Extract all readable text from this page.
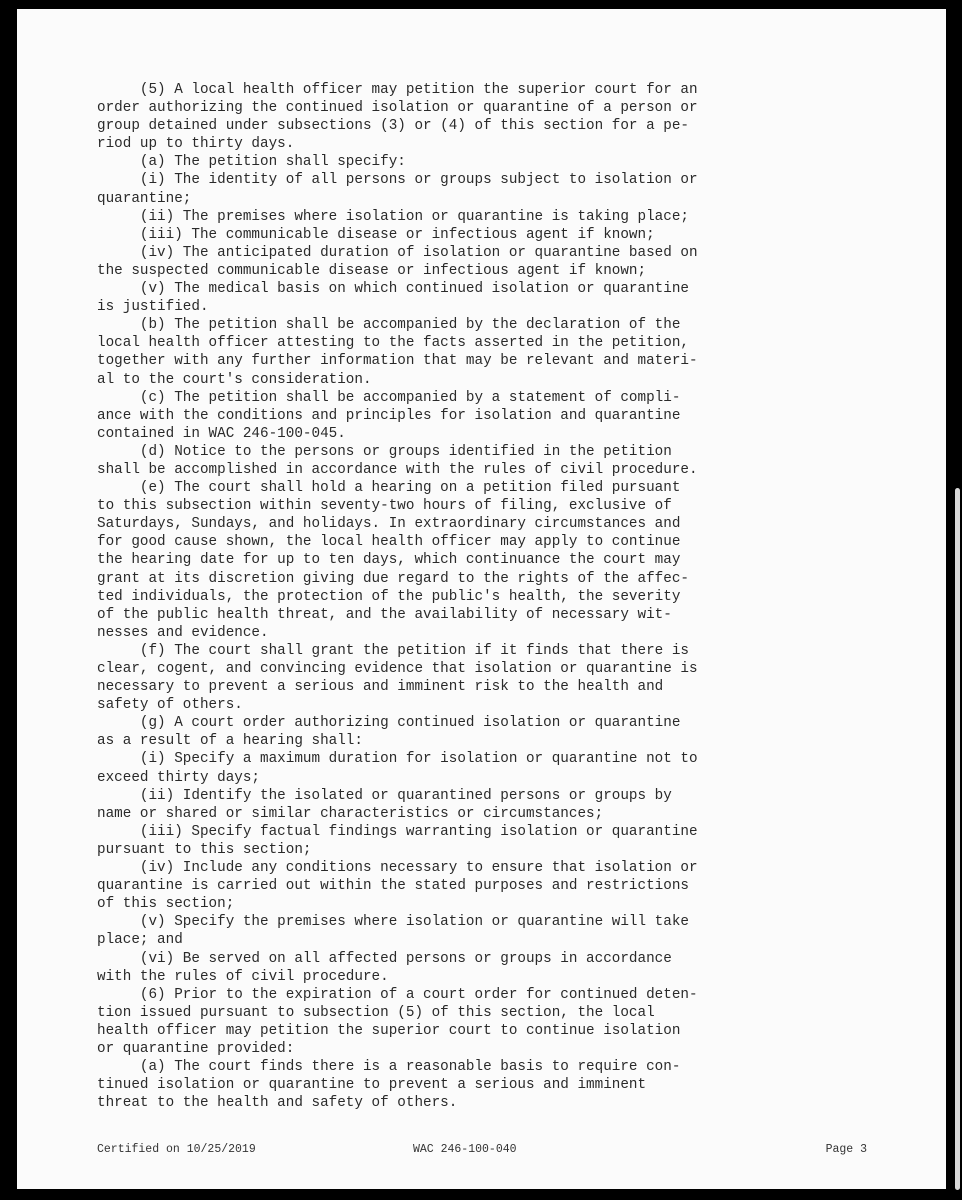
(5) A local health officer may petition the superior court for an
order authorizing the continued isolation or quarantine of a person or
group detained under subsections (3) or (4) of this section for a pe-
riod up to thirty days.
(a) The petition shall specify:
(i) The identity of all persons or groups subject to isolation or
quarantine;
(ii) The premises where isolation or quarantine is taking place;
(iii) The communicable disease or infectious agent if known;
(iv) The anticipated duration of isolation or quarantine based on
the suspected communicable disease or infectious agent if known;
(v) The medical basis on which continued isolation or quarantine
is justified.
(b) The petition shall be accompanied by the declaration of the
local health officer attesting to the facts asserted in the petition,
together with any further information that may be relevant and materi-
al to the court's consideration.
(c) The petition shall be accompanied by a statement of compli-
ance with the conditions and principles for isolation and quarantine
contained in WAC 246-100-045.
(d) Notice to the persons or groups identified in the petition
shall be accomplished in accordance with the rules of civil procedure.
(e) The court shall hold a hearing on a petition filed pursuant
to this subsection within seventy-two hours of filing, exclusive of
Saturdays, Sundays, and holidays. In extraordinary circumstances and
for good cause shown, the local health officer may apply to continue
the hearing date for up to ten days, which continuance the court may
grant at its discretion giving due regard to the rights of the affec-
ted individuals, the protection of the public's health, the severity
of the public health threat, and the availability of necessary wit-
nesses and evidence.
(f) The court shall grant the petition if it finds that there is
clear, cogent, and convincing evidence that isolation or quarantine is
necessary to prevent a serious and imminent risk to the health and
safety of others.
(g) A court order authorizing continued isolation or quarantine
as a result of a hearing shall:
(i) Specify a maximum duration for isolation or quarantine not to
exceed thirty days;
(ii) Identify the isolated or quarantined persons or groups by
name or shared or similar characteristics or circumstances;
(iii) Specify factual findings warranting isolation or quarantine
pursuant to this section;
(iv) Include any conditions necessary to ensure that isolation or
quarantine is carried out within the stated purposes and restrictions
of this section;
(v) Specify the premises where isolation or quarantine will take
place; and
(vi) Be served on all affected persons or groups in accordance
with the rules of civil procedure.
(6) Prior to the expiration of a court order for continued deten-
tion issued pursuant to subsection (5) of this section, the local
health officer may petition the superior court to continue isolation
or quarantine provided:
(a) The court finds there is a reasonable basis to require con-
tinued isolation or quarantine to prevent a serious and imminent
threat to the health and safety of others.
Certified on 10/25/2019	WAC 246-100-040	Page 3
